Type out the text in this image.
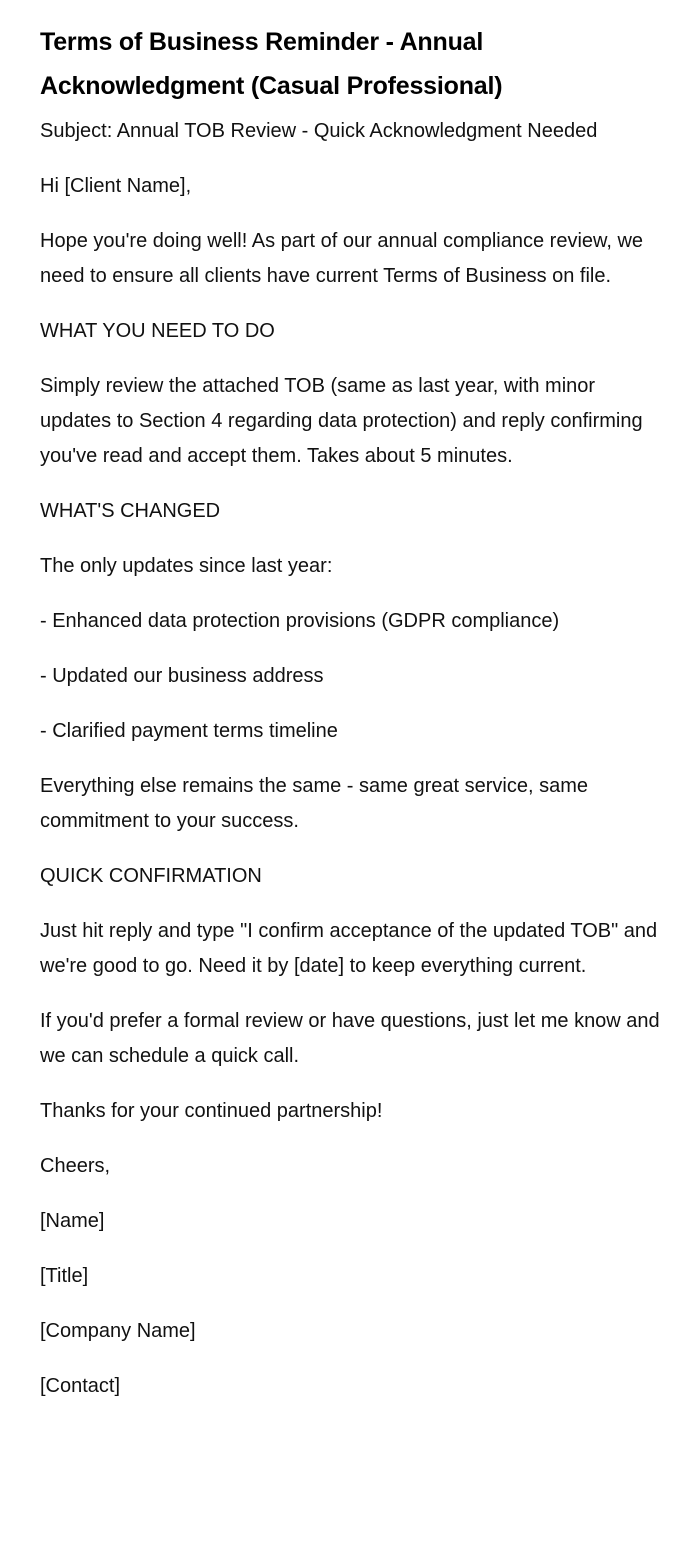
Terms of Business Reminder - Annual Acknowledgment (Casual Professional)

Subject: Annual TOB Review - Quick Acknowledgment Needed

Hi [Client Name],

Hope you're doing well! As part of our annual compliance review, we need to ensure all clients have current Terms of Business on file.

WHAT YOU NEED TO DO

Simply review the attached TOB (same as last year, with minor updates to Section 4 regarding data protection) and reply confirming you've read and accept them. Takes about 5 minutes.

WHAT'S CHANGED

The only updates since last year:

- Enhanced data protection provisions (GDPR compliance)

- Updated our business address

- Clarified payment terms timeline

Everything else remains the same - same great service, same commitment to your success.

QUICK CONFIRMATION

Just hit reply and type "I confirm acceptance of the updated TOB" and we're good to go. Need it by [date] to keep everything current.

If you'd prefer a formal review or have questions, just let me know and we can schedule a quick call.

Thanks for your continued partnership!

Cheers,

[Name]

[Title]

[Company Name]

[Contact]
